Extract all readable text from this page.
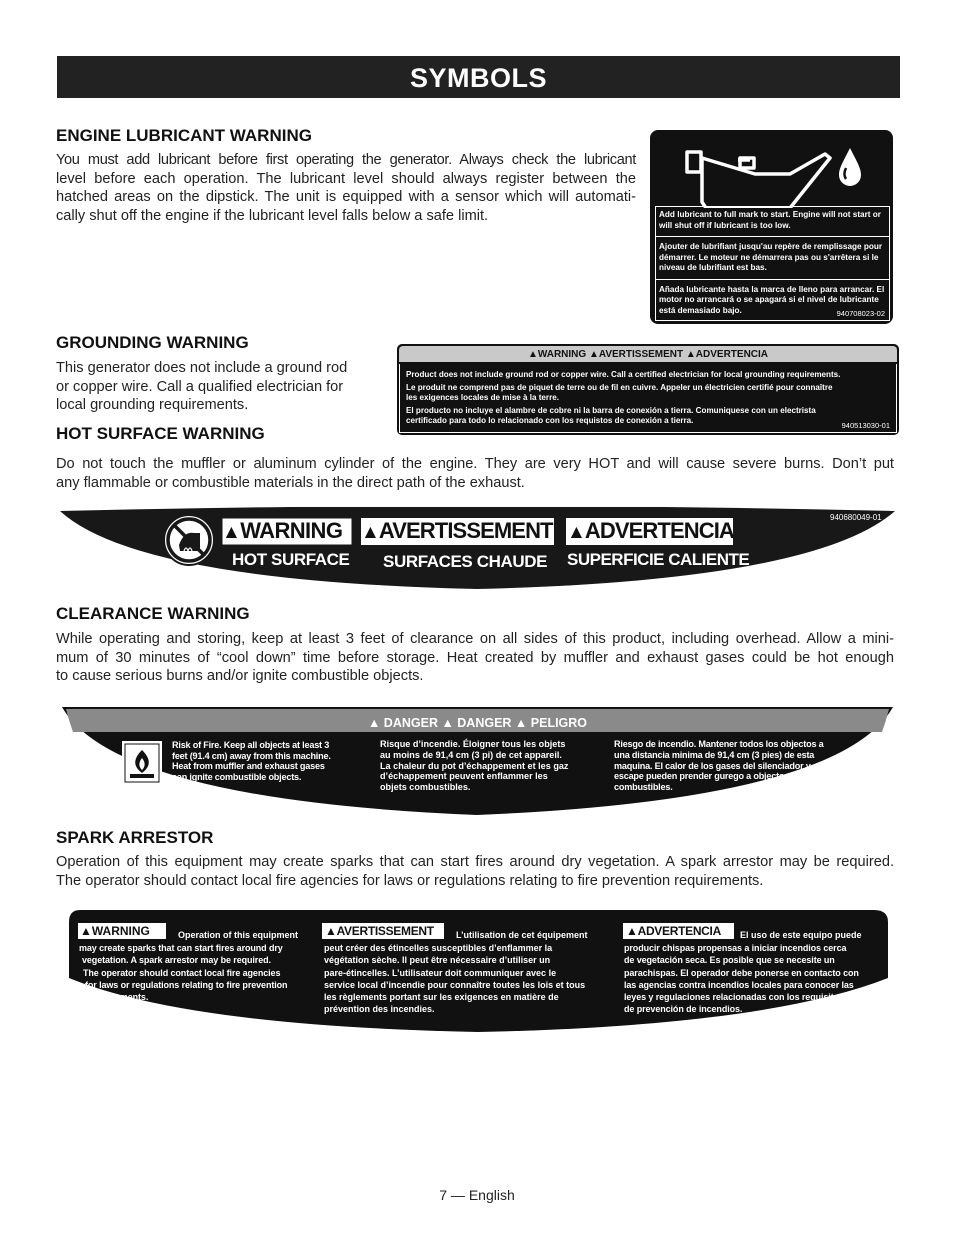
SYMBOLS
ENGINE LUBRICANT WARNING
You must add lubricant before first operating the generator. Always check the lubricant
level before each operation. The lubricant level should always register between the
hatched areas on the dipstick. The unit is equipped with a sensor which will automati-
cally shut off the engine if the lubricant level falls below a safe limit.	Add lubricant to full mark to start. Engine will not start or
will shut off if lubricant is too low.
Ajouter de lubrifiant jusqu'au repère de remplissage pour
démarrer. Le moteur ne démarrera pas ou s'arrêtera si le
niveau de lubrifiant est bas.
Añada lubricante hasta la marca de lleno para arrancar. El
motor no arrancará o se apagará si el nivel de lubricante
está demasiado bajo.	940708023-02
GROUNDING WARNING
This generator does not include a ground rod
or copper wire. Call a qualified electrician for
local grounding requirements.
▲WARNING ▲AVERTISSEMENT ▲ADVERTENCIA
Product does not include ground rod or copper wire. Call a certified electrician for local grounding requirements.
Le produit ne comprend pas de piquet de terre ou de fil en cuivre. Appeler un électricien certifié pour connaître
les exigences locales de mise à la terre.
El producto no incluye el alambre de cobre ni la barra de conexión a tierra. Comuniquese con un electrista
certificado para todo lo relacionado con los requistos de conexión a tierra.
940513030-01
HOT SURFACE WARNING
Do not touch the muffler or aluminum cylinder of the engine. They are very HOT and will cause severe burns. Don’t put
any flammable or combustible materials in the direct path of the exhaust.
▲WARNING ▲AVERTISSEMENT ▲ADVERTENCIA
HOT SURFACE SURFACES CHAUDE SUPERFICIE CALIENTE
940680049-01
CLEARANCE WARNING
While operating and storing, keep at least 3 feet of clearance on all sides of this product, including overhead. Allow a mini-
mum of 30 minutes of “cool down” time before storage. Heat created by muffler and exhaust gases could be hot enough
to cause serious burns and/or ignite combustible objects.
▲ DANGER ▲ DANGER ▲ PELIGRO
Risk of Fire. Keep all objects at least 3
feet (91.4 cm) away from this machine.
Heat from muffler and exhaust gases
can ignite combustible objects.
Risque d’incendie. Éloigner tous les objets
au moins de 91,4 cm (3 pi) de cet appareil.
La chaleur du pot d’échappement et les gaz
d’échappement peuvent enflammer les
objets combustibles.
Riesgo de incendio. Mantener todos los objectos a
una distancia minima de 91,4 cm (3 pies) de esta
maquina. El calor de los gases del silenciador y el
escape pueden prender gurego a objectos
combustibles.
SPARK ARRESTOR
Operation of this equipment may create sparks that can start fires around dry vegetation. A spark arrestor may be required.
The operator should contact local fire agencies for laws or regulations relating to fire prevention requirements.
▲WARNING	▲AVERTISSEMENT	▲ADVERTENCIA
Operation of this equipment
may create sparks that can start fires around dry
vegetation. A spark arrestor may be required.
The operator should contact local fire agencies
for laws or regulations relating to fire prevention
requirements.
940947008-02
L’utilisation de cet équipement
peut créer des étincelles susceptibles d’enflammer la
végétation sèche. Il peut être nécessaire d’utiliser un
pare-étincelles. L’utilisateur doit communiquer avec le
service local d’incendie pour connaître toutes les lois et tous
les règlements portant sur les exigences en matière de
prévention des incendies.
El uso de este equipo puede
producir chispas propensas a iniciar incendios cerca
de vegetación seca. Es posible que se necesite un
parachispas. El operador debe ponerse en contacto con
las agencias contra incendios locales para conocer las
leyes y regulaciones relacionadas con los requisitos
de prevención de incendios.
7 — English
